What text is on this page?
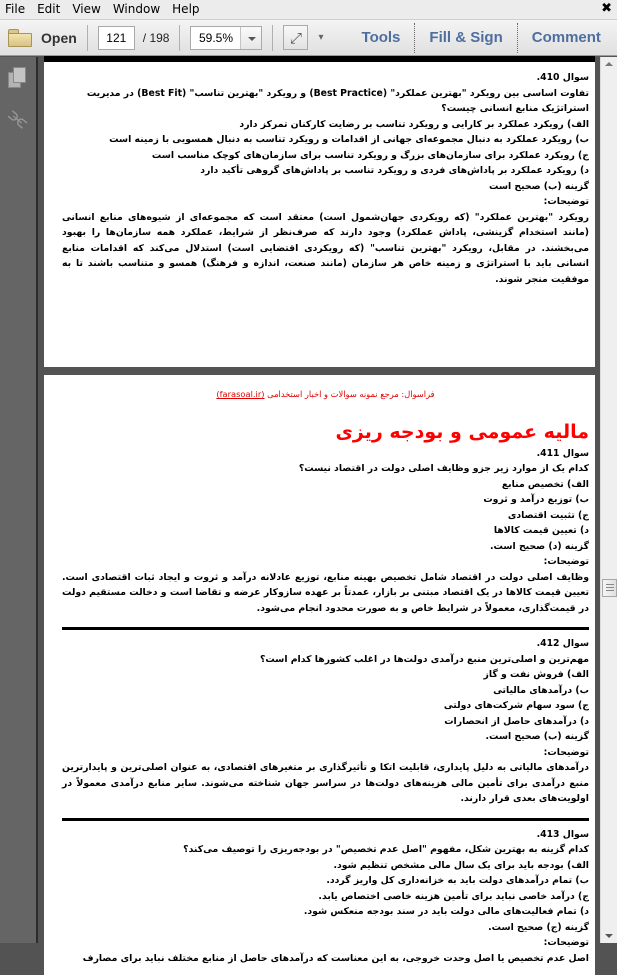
File	Edit	View	Window	Help	✖
Open	121	/ 198	59.5%	⤢ ▾	Tools Fill & Sign Comment
⫘
سوال 410.
تفاوت اساسی بین رویکرد "بهترین عملکرد" (Best Practice) و رویکرد "بهترین تناسب" (Best Fit) در مدیریت استراتژیک منابع انسانی چیست؟
الف) رویکرد عملکرد بر کارایی و رویکرد تناسب بر رضایت کارکنان تمرکز دارد
ب) رویکرد عملکرد به دنبال مجموعه‌ای جهانی از اقدامات و رویکرد تناسب به دنبال همسویی با زمینه است
ج) رویکرد عملکرد برای سازمان‌های بزرگ و رویکرد تناسب برای سازمان‌های کوچک مناسب است
د) رویکرد عملکرد بر پاداش‌های فردی و رویکرد تناسب بر پاداش‌های گروهی تأکید دارد
گزینه (ب) صحیح است
توضیحات:
رویکرد "بهترین عملکرد" (که رویکردی جهان‌شمول است) معتقد است که مجموعه‌ای از شیوه‌های منابع انسانی (مانند استخدام گزینشی، پاداش عملکرد) وجود دارند که صرف‌نظر از شرایط، عملکرد همه سازمان‌ها را بهبود می‌بخشند. در مقابل، رویکرد "بهترین تناسب" (که رویکردی اقتضایی است) استدلال می‌کند که اقدامات منابع انسانی باید با استراتژی و زمینه خاص هر سازمان (مانند صنعت، اندازه و فرهنگ) همسو و متناسب باشند تا به موفقیت منجر شوند.
فراسوال: مرجع نمونه سوالات و اخبار استخدامی (farasoal.ir)
مالیه عمومی و بودجه ریزی
سوال 411.
کدام یک از موارد زیر جزو وظایف اصلی دولت در اقتصاد نیست؟
الف) تخصیص منابع
ب) توزیع درآمد و ثروت
ج) تثبیت اقتصادی
د) تعیین قیمت کالاها
گزینه (د) صحیح است.
توضیحات:
وظایف اصلی دولت در اقتصاد شامل تخصیص بهینه منابع، توزیع عادلانه درآمد و ثروت و ایجاد ثبات اقتصادی است. تعیین قیمت کالاها در یک اقتصاد مبتنی بر بازار، عمدتاً بر عهده سازوکار عرضه و تقاضا است و دخالت مستقیم دولت در قیمت‌گذاری، معمولاً در شرایط خاص و به صورت محدود انجام می‌شود.
سوال 412.
مهم‌ترین و اصلی‌ترین منبع درآمدی دولت‌ها در اغلب کشورها کدام است؟
الف) فروش نفت و گاز
ب) درآمدهای مالیاتی
ج) سود سهام شرکت‌های دولتی
د) درآمدهای حاصل از انحصارات
گزینه (ب) صحیح است.
توضیحات:
درآمدهای مالیاتی به دلیل پایداری، قابلیت اتکا و تأثیرگذاری بر متغیرهای اقتصادی، به عنوان اصلی‌ترین و پایدارترین منبع درآمدی برای تأمین مالی هزینه‌های دولت‌ها در سراسر جهان شناخته می‌شوند. سایر منابع درآمدی معمولاً در اولویت‌های بعدی قرار دارند.
سوال 413.
کدام گزینه به بهترین شکل، مفهوم "اصل عدم تخصیص" در بودجه‌ریزی را توصیف می‌کند؟
الف) بودجه باید برای یک سال مالی مشخص تنظیم شود.
ب) تمام درآمدهای دولت باید به خزانه‌داری کل واریز گردد.
ج) درآمد خاصی نباید برای تأمین هزینه خاصی اختصاص یابد.
د) تمام فعالیت‌های مالی دولت باید در سند بودجه منعکس شود.
گزینه (ج) صحیح است.
توضیحات:
اصل عدم تخصیص یا اصل وحدت خروجی، به این معناست که درآمدهای حاصل از منابع مختلف نباید برای مصارف
